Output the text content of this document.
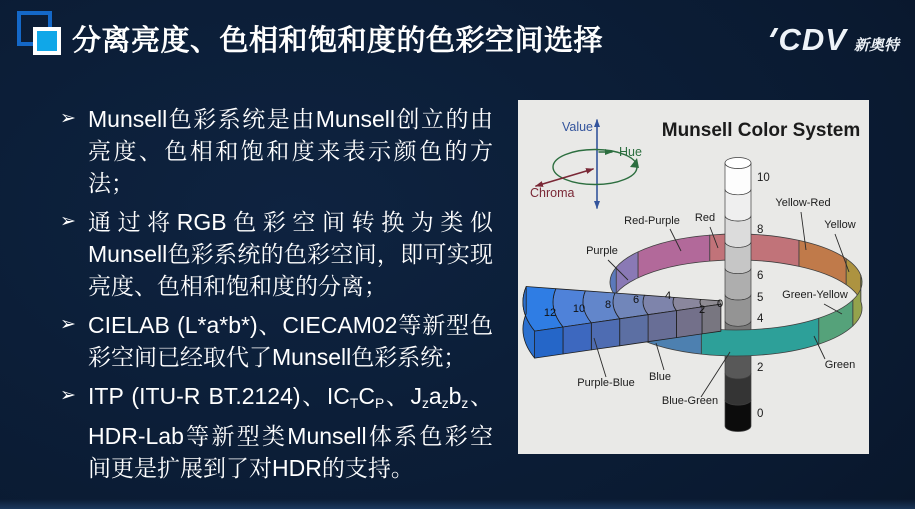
分离亮度、色相和饱和度的色彩空间选择	CDV 新奥特
➢ Munsell色彩系统是由Munsell创立的由亮度、色相和饱和度来表示颜色的方法；
➢ 通过将RGB色彩空间转换为类似Munsell色彩系统的色彩空间，即可实现亮度、色相和饱和度的分离；
➢ CIELAB (L*a*b*)、CIECAM02等新型色彩空间已经取代了Munsell色彩系统；
➢ ITP (ITU-R BT.2124)、$IC_TC_P$、$J_za_zb_z$、HDR-Lab等新型类Munsell体系色彩空间更是扩展到了对HDR的支持。
Munsell Color System
Value
Hue
Chroma
12 10 8 6 4
2 0
10
8
6
5
4
2
0
Purple
Red-Purple Red
Yellow-Red
Yellow
Green-Yellow
Green
Blue-Green
Blue
Purple-Blue
